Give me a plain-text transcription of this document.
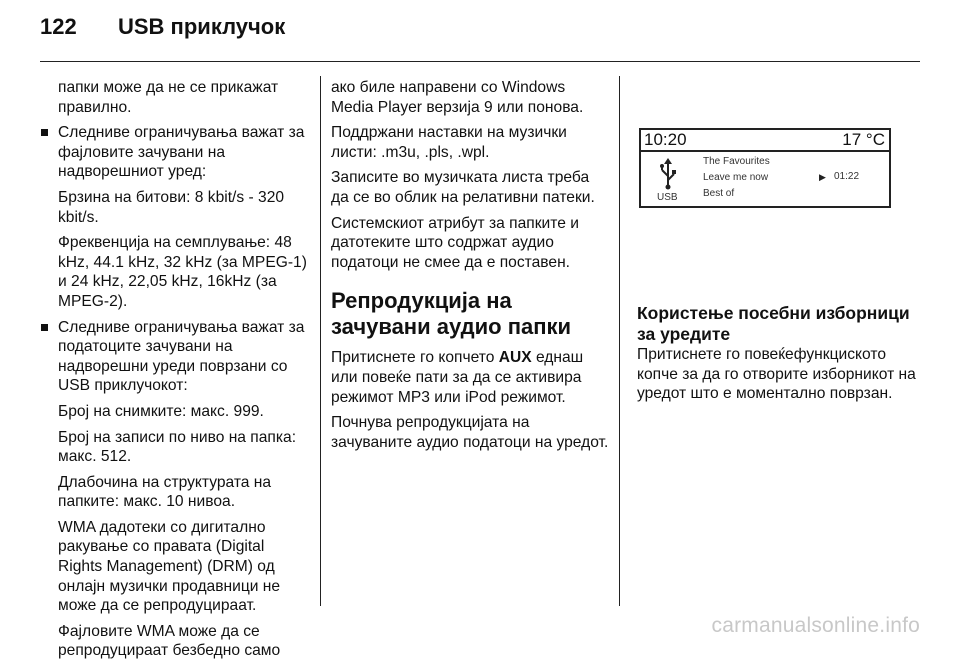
122 USB приклучок

папки може да не се прикажат правилно.

Следниве ограничувања важат за фајловите зачувани на надворешниот уред:

Брзина на битови: 8 kbit/s - 320 kbit/s.

Фреквенција на семплување: 48 kHz, 44.1 kHz, 32 kHz (за MPEG-1) и 24 kHz, 22,05 kHz, 16kHz (за MPEG-2).

Следниве ограничувања важат за податоците зачувани на надворешни уреди поврзани со USB приклучокот:

Број на снимките: макс. 999.

Број на записи по ниво на папка: макс. 512.

Длабочина на структурата на папките: макс. 10 нивоа.

WMA дадотеки со дигитално ракување со правата (Digital Rights Management) (DRM) од онлајн музички продавници не може да се репродуцираат.

Фајловите WMA може да се репродуцираат безбедно само

ако биле направени со Windows Media Player верзија 9 или понова.

Поддржани наставки на музички листи: .m3u, .pls, .wpl.

Записите во музичката листа треба да се во облик на релативни патеки.

Системскиот атрибут за папките и датотеките што содржат аудио податоци не смее да е поставен.

Репродукција на зачувани аудио папки

Притиснете го копчето AUX еднаш или повеќе пати за да се активира режимот MP3 или iPod режимот.

Почнува репродукцијата на зачуваните аудио податоци на уредот.

10:20	17 °C
USB
The Favourites
Leave me now
Best of
▶ 01:22
Користење посебни изборници за уредите

Притиснете го повеќефункциското копче за да го отворите изборникот на уредот што е моментално поврзан.

carmanualsonline.info
